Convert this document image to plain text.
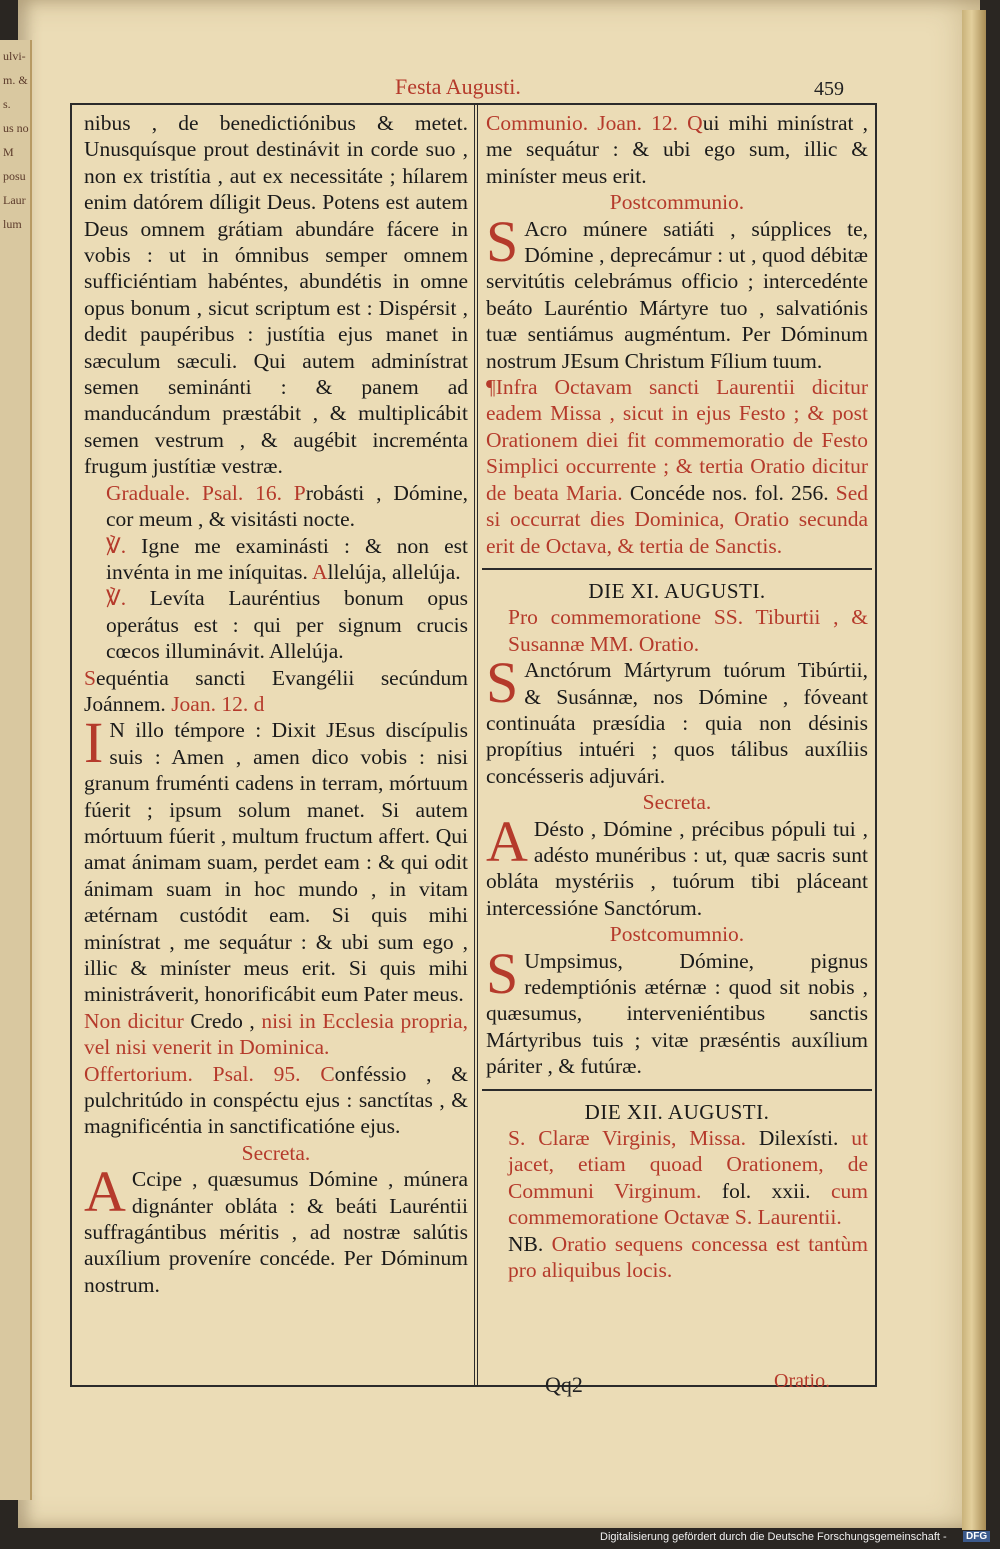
ulvi-
m. &
s.
us no
M
posu
Laur
lum
Festa Augusti.	459

nibus , de benedictiónibus & metet. Unusquísque prout destinávit in corde suo , non ex tristítia , aut ex necessitáte ; hílarem enim datórem díligit Deus. Potens est autem Deus omnem grátiam abundáre fácere in vobis : ut in ómnibus semper omnem sufficiéntiam habéntes, abundétis in omne opus bonum , sicut scriptum est : Dispérsit , dedit paupéribus : justítia ejus manet in sæculum sæculi. Qui autem adminístrat semen seminánti : & panem ad manducándum præstábit , & multiplicábit semen vestrum , & augébit increménta frugum justítiæ vestræ.

Graduale. Psal. 16. Probásti , Dómine, cor meum , & visitásti nocte.

℣. Igne me examinásti : & non est invénta in me iníquitas. Allelúja, allelúja.

℣. Levíta Lauréntius bonum opus operátus est : qui per signum crucis cœcos illuminávit. Allelúja.

Sequéntia sancti Evangélii secúndum Joánnem. Joan. 12. d

I N illo témpore : Dixit JEsus discípulis suis : Amen , amen dico vobis : nisi granum fruménti cadens in terram, mórtuum fúerit ; ipsum solum manet. Si autem mórtuum fúerit , multum fructum affert. Qui amat ánimam suam, perdet eam : & qui odit ánimam suam in hoc mundo , in vitam ætérnam custódit eam. Si quis mihi minístrat , me sequátur : & ubi sum ego , illic & miníster meus erit. Si quis mihi ministráverit, honorificábit eum Pater meus.

Non dicitur Credo , nisi in Ecclesia propria, vel nisi venerit in Dominica.

Offertorium. Psal. 95. Conféssio , & pulchritúdo in conspéctu ejus : sanctítas , & magnificéntia in sanctificatióne ejus.

Secreta.

A Ccipe , quæsumus Dómine , múnera dignánter obláta : & beáti Lauréntii suffragántibus méritis , ad nostræ salútis auxílium proveníre concéde. Per Dóminum nostrum.

Communio. Joan. 12. Qui mihi minístrat , me sequátur : & ubi ego sum, illic & miníster meus erit.

Postcommunio.

S Acro múnere satiáti , súpplices te, Dómine , deprecámur : ut , quod débitæ servitútis celebrámus officio ; intercedénte beáto Lauréntio Mártyre tuo , salvatiónis tuæ sentiámus augméntum. Per Dóminum nostrum JEsum Christum Fílium tuum.

¶Infra Octavam sancti Laurentii dicitur eadem Missa , sicut in ejus Festo ; & post Orationem diei fit commemoratio de Festo Simplici occurrente ; & tertia Oratio dicitur de beata Maria. Concéde nos. fol. 256. Sed si occurrat dies Dominica, Oratio secunda erit de Octava, & tertia de Sanctis.

DIE XI. AUGUSTI.

Pro commemoratione SS. Tiburtii , & Susannæ MM. Oratio.

S Anctórum Mártyrum tuórum Tibúrtii, & Susánnæ, nos Dómine , fóveant continuáta præsídia : quia non désinis propítius intuéri ; quos tálibus auxíliis concésseris adjuvári.

Secreta.

A Désto , Dómine , précibus pópuli tui , adésto munéribus : ut, quæ sacris sunt obláta mystériis , tuórum tibi pláceant intercessióne Sanctórum.

Postcomumnio.

S Umpsimus, Dómine, pignus redemptiónis ætérnæ : quod sit nobis , quæsumus, interveniéntibus sanctis Mártyribus tuis ; vitæ præséntis auxílium páriter , & futúræ.

DIE XII. AUGUSTI.

S. Claræ Virginis, Missa. Dilexísti. ut jacet, etiam quoad Orationem, de Communi Virginum. fol. xxii. cum commemoratione Octavæ S. Laurentii.

NB. Oratio sequens concessa est tantùm pro aliquibus locis.

Qq2	Oratio.
Digitalisierung gefördert durch die Deutsche Forschungsgemeinschaft -	DFG
